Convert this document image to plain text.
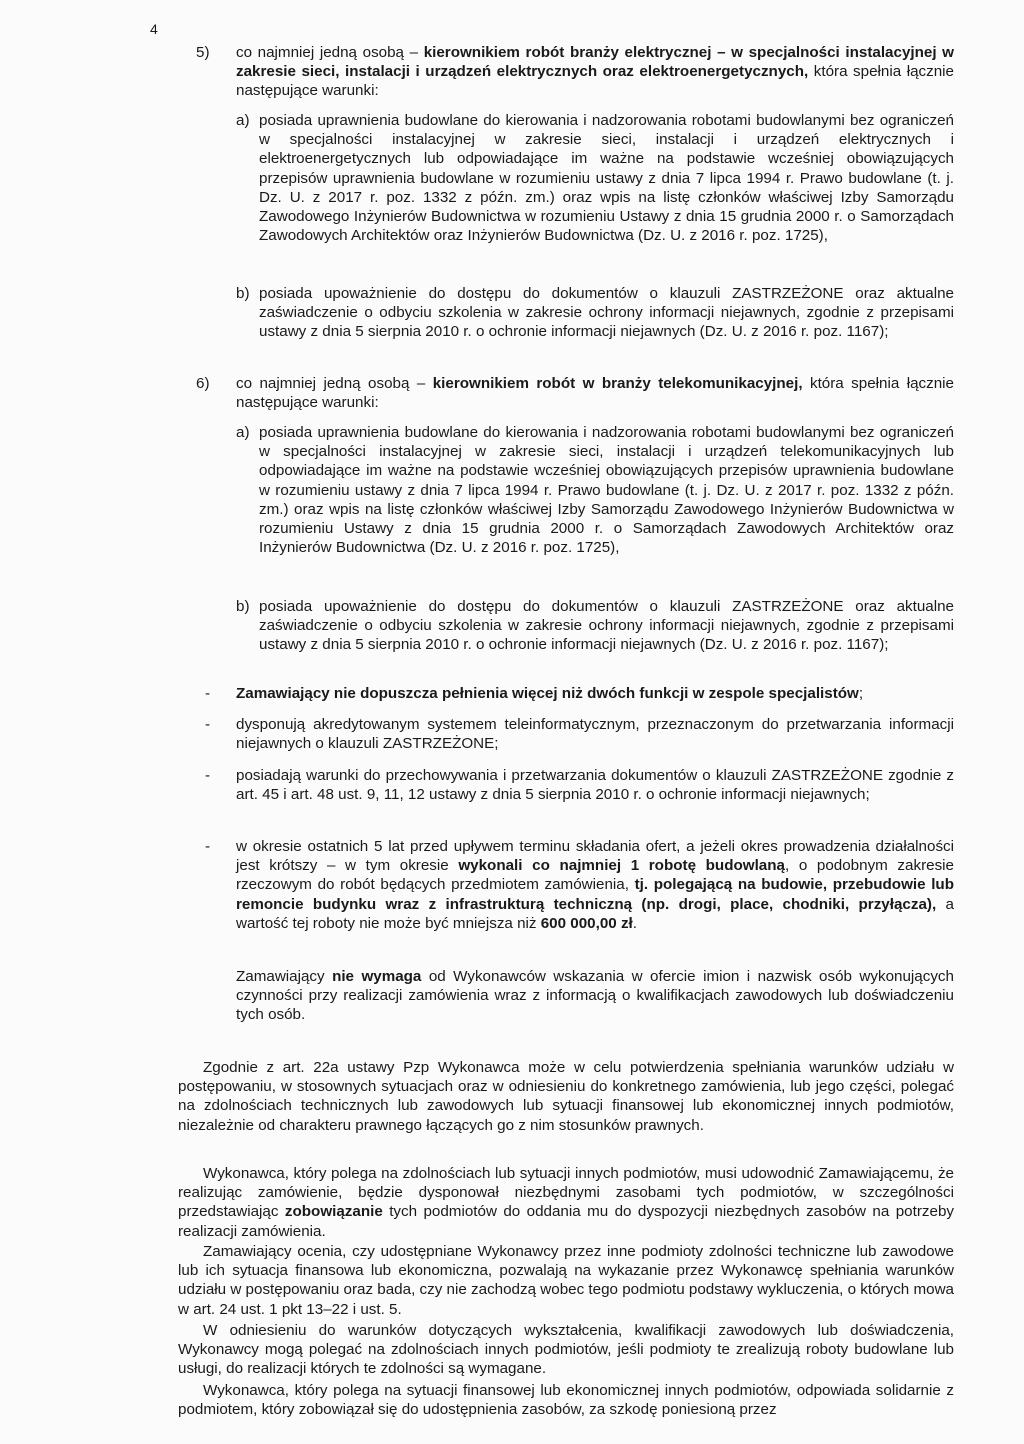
4
5) co najmniej jedną osobą – kierownikiem robót branży elektrycznej – w specjalności instalacyjnej w zakresie sieci, instalacji i urządzeń elektrycznych oraz elektroenergetycznych, która spełnia łącznie następujące warunki:
a) posiada uprawnienia budowlane do kierowania i nadzorowania robotami budowlanymi bez ograniczeń w specjalności instalacyjnej w zakresie sieci, instalacji i urządzeń elektrycznych i elektroenergetycznych lub odpowiadające im ważne na podstawie wcześniej obowiązujących przepisów uprawnienia budowlane w rozumieniu ustawy z dnia 7 lipca 1994 r. Prawo budowlane (t. j. Dz. U. z 2017 r. poz. 1332 z późn. zm.) oraz wpis na listę członków właściwej Izby Samorządu Zawodowego Inżynierów Budownictwa w rozumieniu Ustawy z dnia 15 grudnia 2000 r. o Samorządach Zawodowych Architektów oraz Inżynierów Budownictwa (Dz. U. z 2016 r. poz. 1725),
b) posiada upoważnienie do dostępu do dokumentów o klauzuli ZASTRZEŻONE oraz aktualne zaświadczenie o odbyciu szkolenia w zakresie ochrony informacji niejawnych, zgodnie z przepisami ustawy z dnia 5 sierpnia 2010 r. o ochronie informacji niejawnych (Dz. U. z 2016 r. poz. 1167);
6) co najmniej jedną osobą – kierownikiem robót w branży telekomunikacyjnej, która spełnia łącznie następujące warunki:
a) posiada uprawnienia budowlane do kierowania i nadzorowania robotami budowlanymi bez ograniczeń w specjalności instalacyjnej w zakresie sieci, instalacji i urządzeń telekomunikacyjnych lub odpowiadające im ważne na podstawie wcześniej obowiązujących przepisów uprawnienia budowlane w rozumieniu ustawy z dnia 7 lipca 1994 r. Prawo budowlane (t. j. Dz. U. z 2017 r. poz. 1332 z późn. zm.) oraz wpis na listę członków właściwej Izby Samorządu Zawodowego Inżynierów Budownictwa w rozumieniu Ustawy z dnia 15 grudnia 2000 r. o Samorządach Zawodowych Architektów oraz Inżynierów Budownictwa (Dz. U. z 2016 r. poz. 1725),
b) posiada upoważnienie do dostępu do dokumentów o klauzuli ZASTRZEŻONE oraz aktualne zaświadczenie o odbyciu szkolenia w zakresie ochrony informacji niejawnych, zgodnie z przepisami ustawy z dnia 5 sierpnia 2010 r. o ochronie informacji niejawnych (Dz. U. z 2016 r. poz. 1167);
- Zamawiający nie dopuszcza pełnienia więcej niż dwóch funkcji w zespole specjalistów;
- dysponują akredytowanym systemem teleinformatycznym, przeznaczonym do przetwarzania informacji niejawnych o klauzuli ZASTRZEŻONE;
- posiadają warunki do przechowywania i przetwarzania dokumentów o klauzuli ZASTRZEŻONE zgodnie z art. 45 i art. 48 ust. 9, 11, 12 ustawy z dnia 5 sierpnia 2010 r. o ochronie informacji niejawnych;
- w okresie ostatnich 5 lat przed upływem terminu składania ofert, a jeżeli okres prowadzenia działalności jest krótszy – w tym okresie wykonali co najmniej 1 robotę budowlaną, o podobnym zakresie rzeczowym do robót będących przedmiotem zamówienia, tj. polegającą na budowie, przebudowie lub remoncie budynku wraz z infrastrukturą techniczną (np. drogi, place, chodniki, przyłącza), a wartość tej roboty nie może być mniejsza niż 600 000,00 zł.
Zamawiający nie wymaga od Wykonawców wskazania w ofercie imion i nazwisk osób wykonujących czynności przy realizacji zamówienia wraz z informacją o kwalifikacjach zawodowych lub doświadczeniu tych osób.
Zgodnie z art. 22a ustawy Pzp Wykonawca może w celu potwierdzenia spełniania warunków udziału w postępowaniu, w stosownych sytuacjach oraz w odniesieniu do konkretnego zamówienia, lub jego części, polegać na zdolnościach technicznych lub zawodowych lub sytuacji finansowej lub ekonomicznej innych podmiotów, niezależnie od charakteru prawnego łączących go z nim stosunków prawnych.
Wykonawca, który polega na zdolnościach lub sytuacji innych podmiotów, musi udowodnić Zamawiającemu, że realizując zamówienie, będzie dysponował niezbędnymi zasobami tych podmiotów, w szczególności przedstawiając zobowiązanie tych podmiotów do oddania mu do dyspozycji niezbędnych zasobów na potrzeby realizacji zamówienia.
Zamawiający ocenia, czy udostępniane Wykonawcy przez inne podmioty zdolności techniczne lub zawodowe lub ich sytuacja finansowa lub ekonomiczna, pozwalają na wykazanie przez Wykonawcę spełniania warunków udziału w postępowaniu oraz bada, czy nie zachodzą wobec tego podmiotu podstawy wykluczenia, o których mowa w art. 24 ust. 1 pkt 13–22 i ust. 5.
W odniesieniu do warunków dotyczących wykształcenia, kwalifikacji zawodowych lub doświadczenia, Wykonawcy mogą polegać na zdolnościach innych podmiotów, jeśli podmioty te zrealizują roboty budowlane lub usługi, do realizacji których te zdolności są wymagane.
Wykonawca, który polega na sytuacji finansowej lub ekonomicznej innych podmiotów, odpowiada solidarnie z podmiotem, który zobowiązał się do udostępnienia zasobów, za szkodę poniesioną przez
